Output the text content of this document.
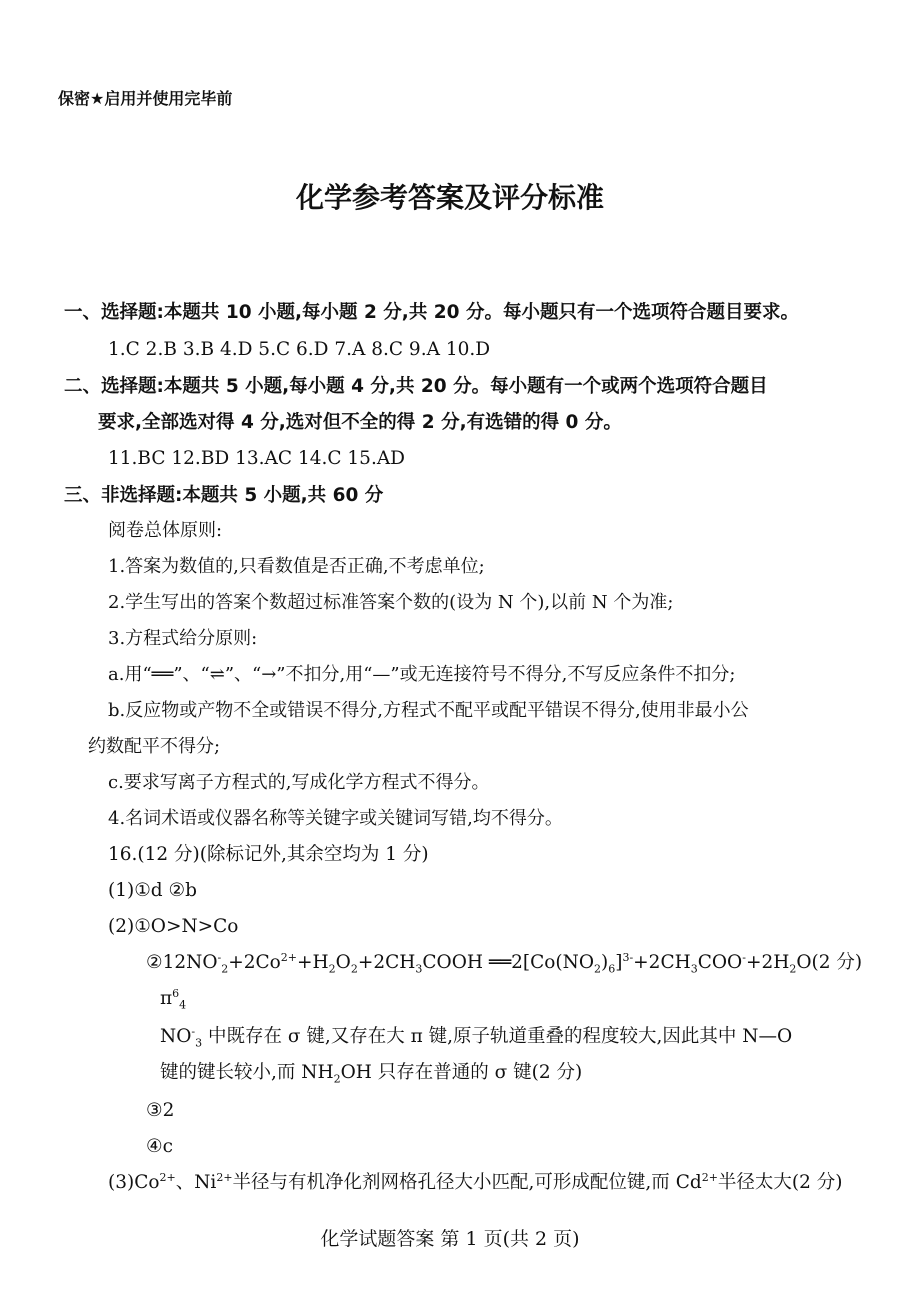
保密★启用并使用完毕前
化学参考答案及评分标准
一、选择题:本题共 10 小题,每小题 2 分,共 20 分。每小题只有一个选项符合题目要求。
1.C 2.B 3.B 4.D 5.C 6.D 7.A 8.C 9.A 10.D
二、选择题:本题共 5 小题,每小题 4 分,共 20 分。每小题有一个或两个选项符合题目
要求,全部选对得 4 分,选对但不全的得 2 分,有选错的得 0 分。
11.BC 12.BD 13.AC 14.C 15.AD
三、非选择题:本题共 5 小题,共 60 分
阅卷总体原则:
1.答案为数值的,只看数值是否正确,不考虑单位;
2.学生写出的答案个数超过标准答案个数的(设为 N 个),以前 N 个为准;
3.方程式给分原则:
a.用“══”、“⇌”、“→”不扣分,用“—”或无连接符号不得分,不写反应条件不扣分;
b.反应物或产物不全或错误不得分,方程式不配平或配平错误不得分,使用非最小公
约数配平不得分;
c.要求写离子方程式的,写成化学方程式不得分。
4.名词术语或仪器名称等关键字或关键词写错,均不得分。
16.(12 分)(除标记外,其余空均为 1 分)
(1)①d ②b
(2)①O>N>Co
$②12NO^-_2+2Co^{2+}+H_2O_2+2CH_3COOH$ $══2[Co(NO_2)_6]^{3-}+2CH_3COO^-+2H_2O(2$ 分)
$\pi^6_4$
$NO^-_3$ 中既存在 σ 键,又存在大 π 键,原子轨道重叠的程度较大,因此其中 N—O
键的键长较小,而 $NH_2OH$ 只存在普通的 σ 键(2 分)
③2
④c
$(3)Co^{2+}$、$Ni^{2+}$半径与有机净化剂网格孔径大小匹配,可形成配位键,而 $Cd^{2+}$半径太大(2 分)
化学试题答案 第 1 页(共 2 页)
